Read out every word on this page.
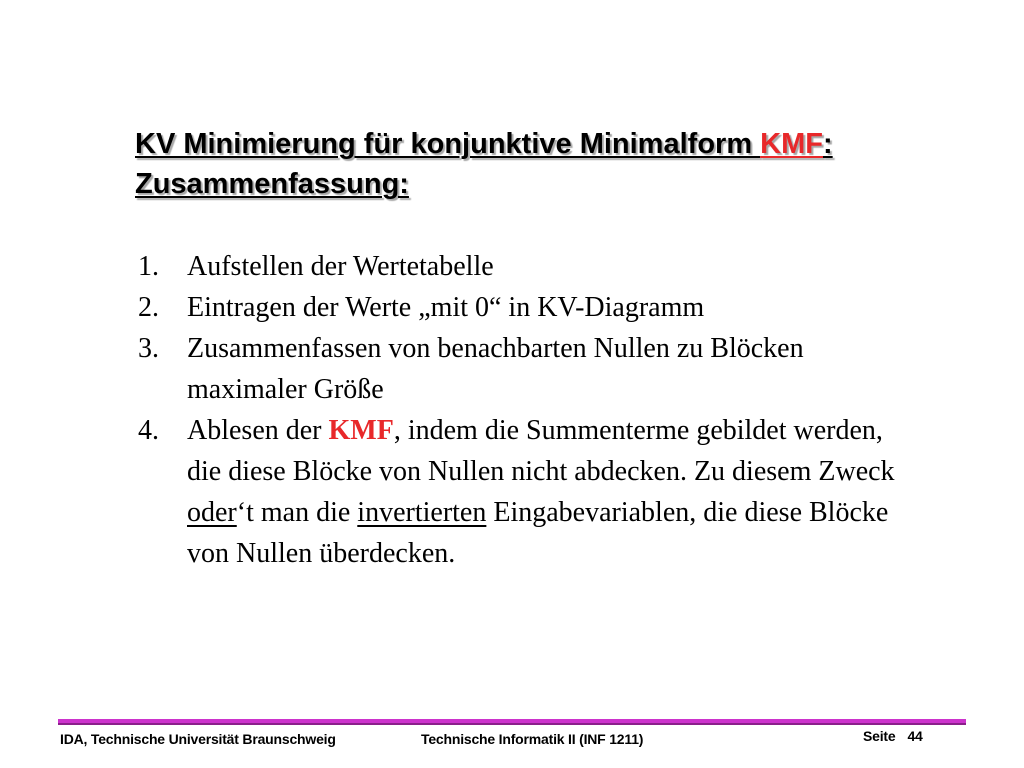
KV Minimierung für konjunktive Minimalform KMF:
Zusammenfassung:
1. Aufstellen der Wertetabelle
2. Eintragen der Werte „mit 0“ in KV-Diagramm
3. Zusammenfassen von benachbarten Nullen zu Blöcken maximaler Größe
4. Ablesen der KMF, indem die Summenterme gebildet werden, die diese Blöcke von Nullen nicht abdecken. Zu diesem Zweck oder‘t man die invertierten Eingabevariablen, die diese Blöcke von Nullen überdecken.
IDA, Technische Universität Braunschweig	Technische Informatik II (INF 1211)	Seite 44
